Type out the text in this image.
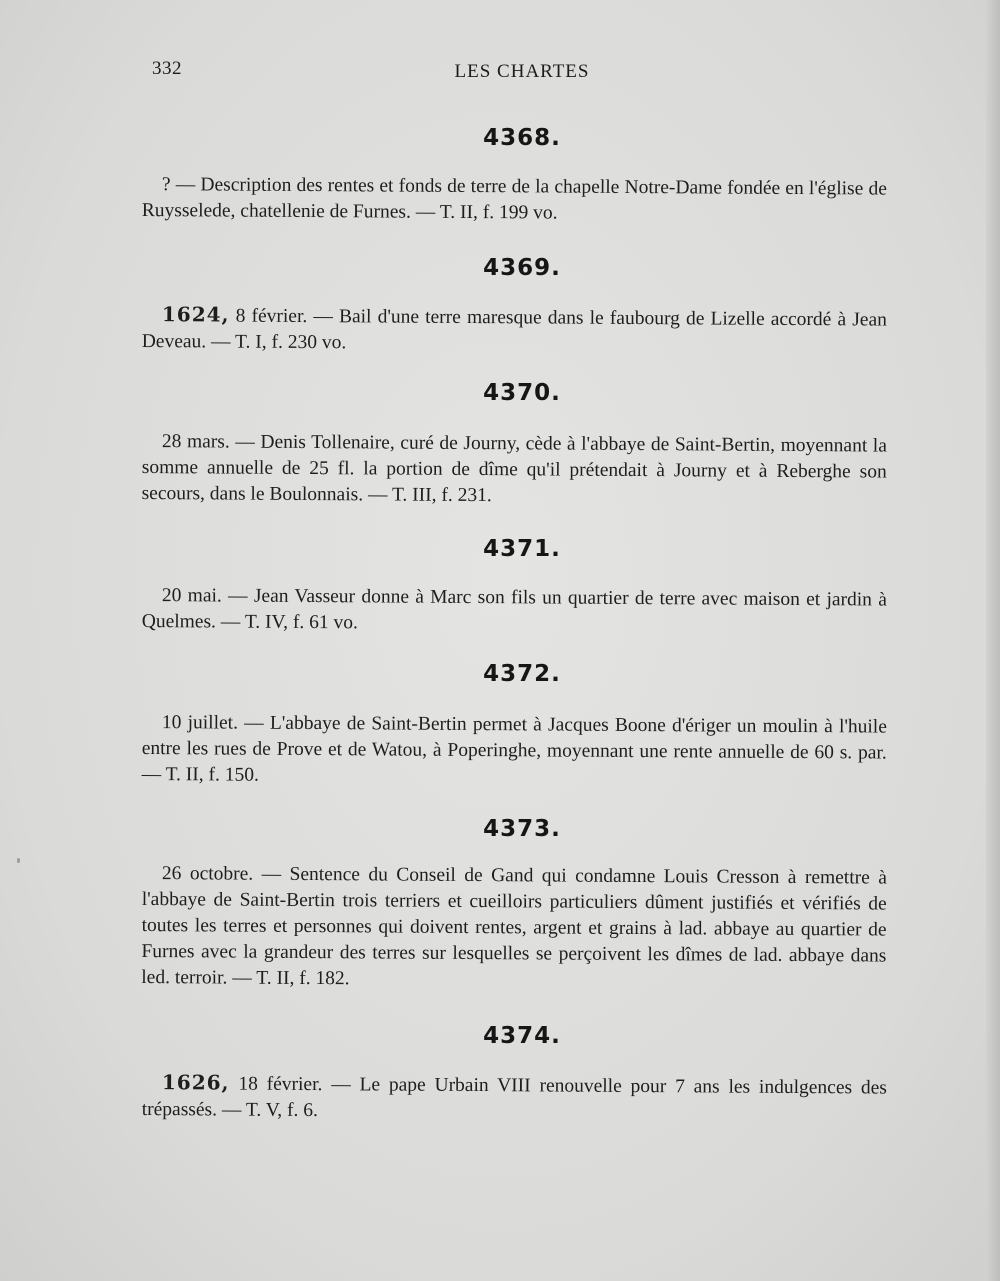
332	LES CHARTES
4368.
? — Description des rentes et fonds de terre de la chapelle Notre-Dame fondée en l'église de Ruysselede, chatellenie de Furnes. — T. II, f. 199 vo.
4369.
1624, 8 février. — Bail d'une terre maresque dans le faubourg de Lizelle accordé à Jean Deveau. — T. I, f. 230 vo.
4370.
28 mars. — Denis Tollenaire, curé de Journy, cède à l'abbaye de Saint-Bertin, moyennant la somme annuelle de 25 fl. la portion de dîme qu'il prétendait à Journy et à Reberghe son secours, dans le Boulonnais. — T. III, f. 231.
4371.
20 mai. — Jean Vasseur donne à Marc son fils un quartier de terre avec maison et jardin à Quelmes. — T. IV, f. 61 vo.
4372.
10 juillet. — L'abbaye de Saint-Bertin permet à Jacques Boone d'ériger un moulin à l'huile entre les rues de Prove et de Watou, à Poperinghe, moyennant une rente annuelle de 60 s. par. — T. II, f. 150.
4373.
26 octobre. — Sentence du Conseil de Gand qui condamne Louis Cresson à remettre à l'abbaye de Saint-Bertin trois terriers et cueilloirs particuliers dûment justifiés et vérifiés de toutes les terres et personnes qui doivent rentes, argent et grains à lad. abbaye au quartier de Furnes avec la grandeur des terres sur lesquelles se perçoivent les dîmes de lad. abbaye dans led. terroir. — T. II, f. 182.
4374.
1626, 18 février. — Le pape Urbain VIII renouvelle pour 7 ans les indulgences des trépassés. — T. V, f. 6.
